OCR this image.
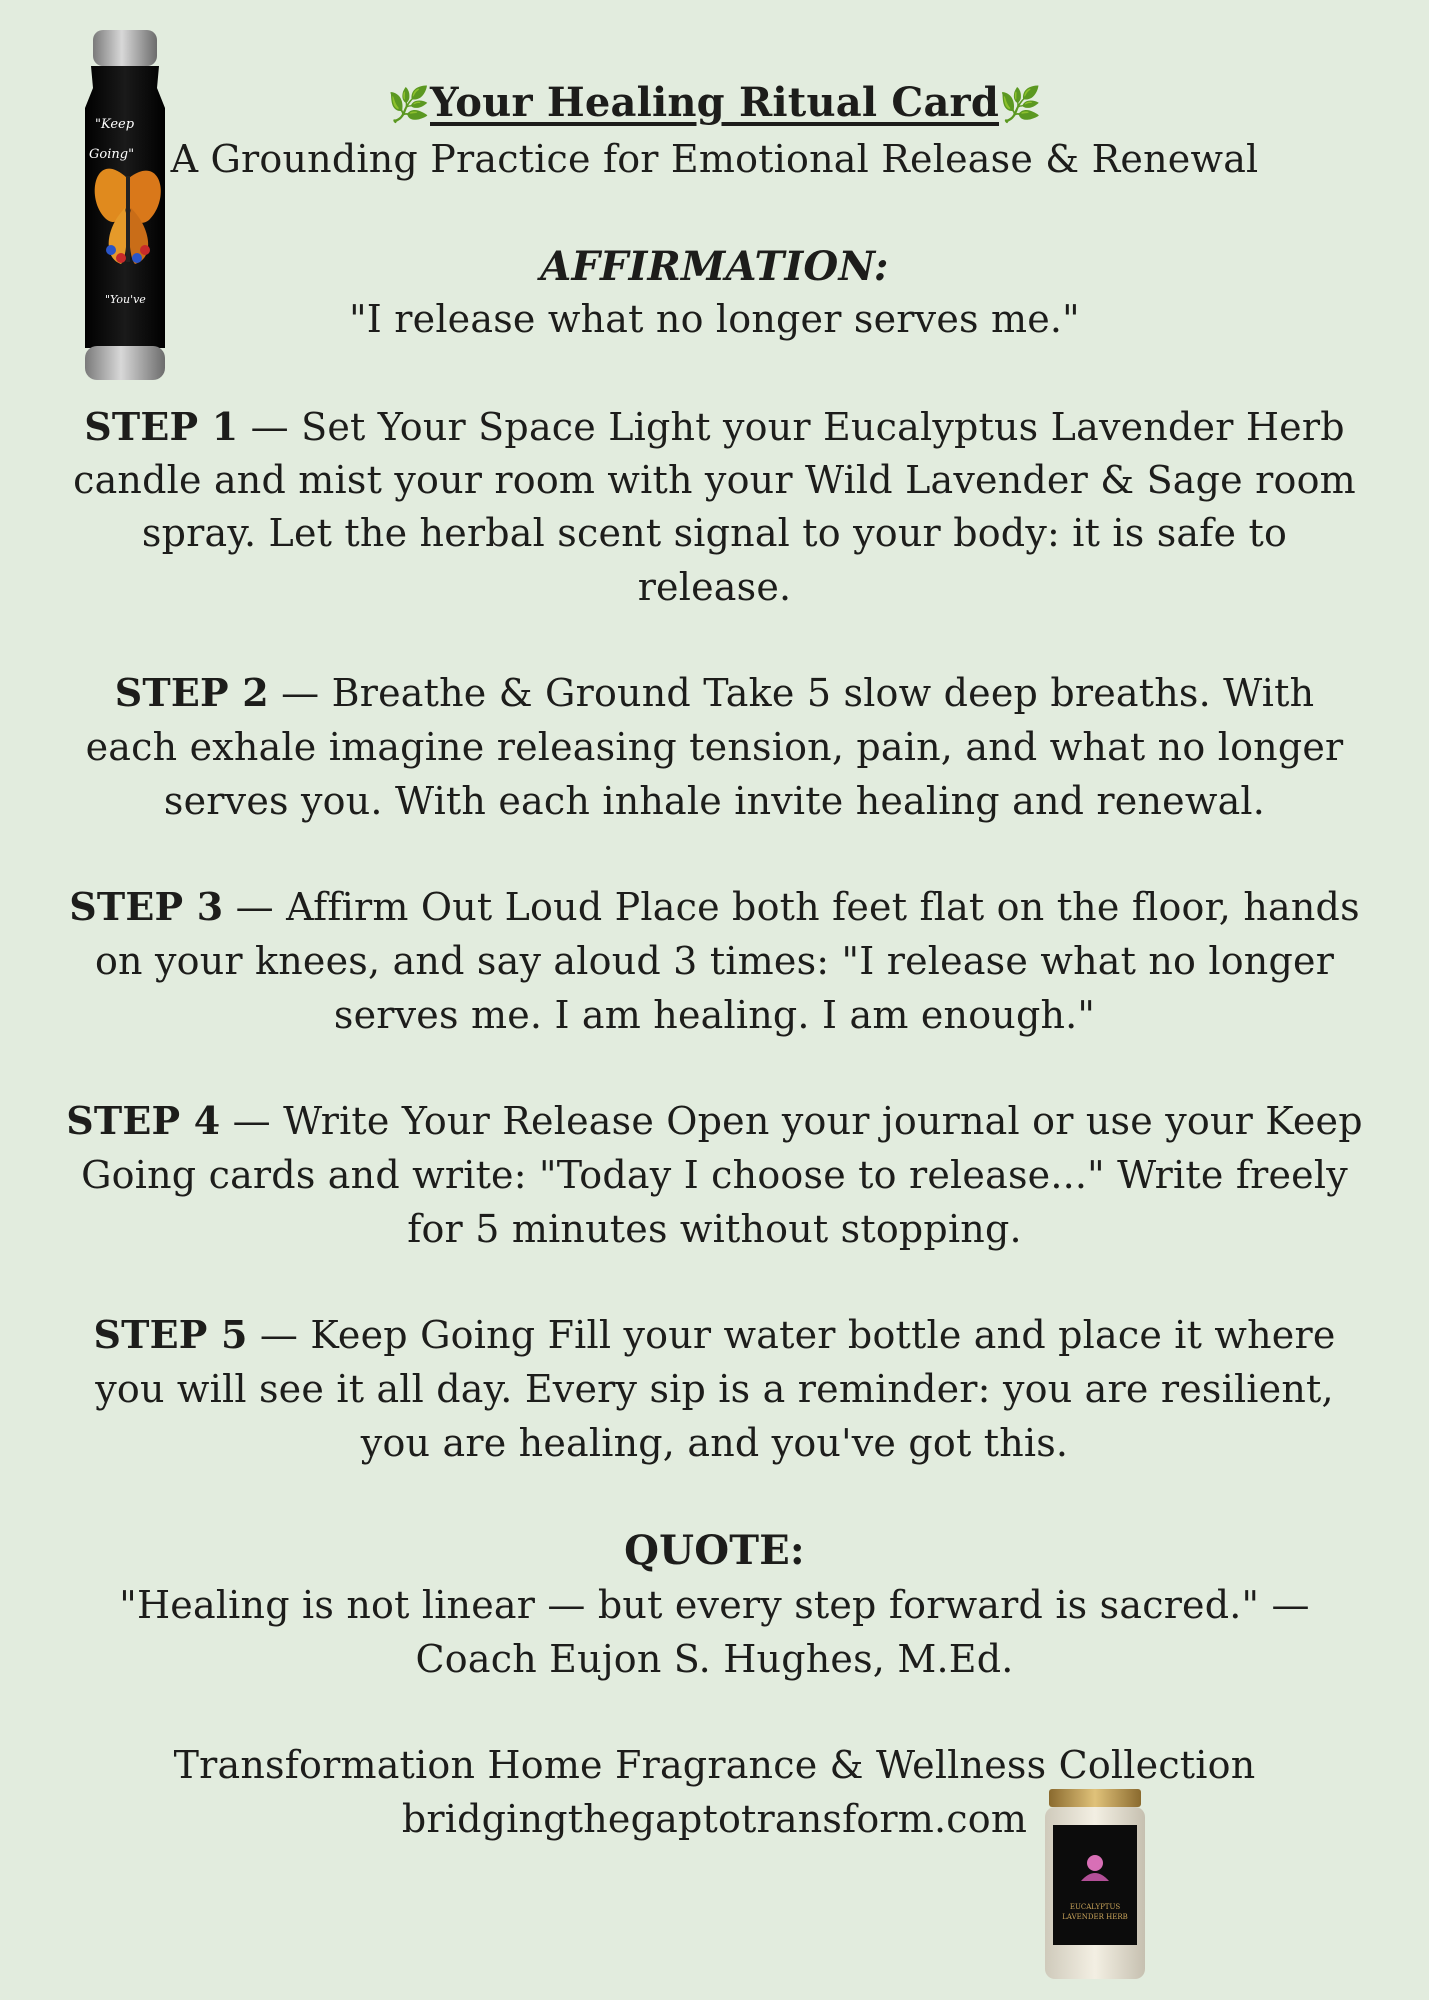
"Keep
Going"
"You've
🌿Your Healing Ritual Card🌿
A Grounding Practice for Emotional Release & Renewal
AFFIRMATION:
"I release what no longer serves me."
STEP 1 — Set Your Space Light your Eucalyptus Lavender Herb
candle and mist your room with your Wild Lavender & Sage room
spray. Let the herbal scent signal to your body: it is safe to
release.
STEP 2 — Breathe & Ground Take 5 slow deep breaths. With
each exhale imagine releasing tension, pain, and what no longer
serves you. With each inhale invite healing and renewal.
STEP 3 — Affirm Out Loud Place both feet flat on the floor, hands
on your knees, and say aloud 3 times: "I release what no longer
serves me. I am healing. I am enough."
STEP 4 — Write Your Release Open your journal or use your Keep
Going cards and write: "Today I choose to release..." Write freely
for 5 minutes without stopping.
STEP 5 — Keep Going Fill your water bottle and place it where
you will see it all day. Every sip is a reminder: you are resilient,
you are healing, and you've got this.
QUOTE:
"Healing is not linear — but every step forward is sacred." —
Coach Eujon S. Hughes, M.Ed.
Transformation Home Fragrance & Wellness Collection
bridgingthegaptotransform.com
EUCALYPTUS
LAVENDER HERB
